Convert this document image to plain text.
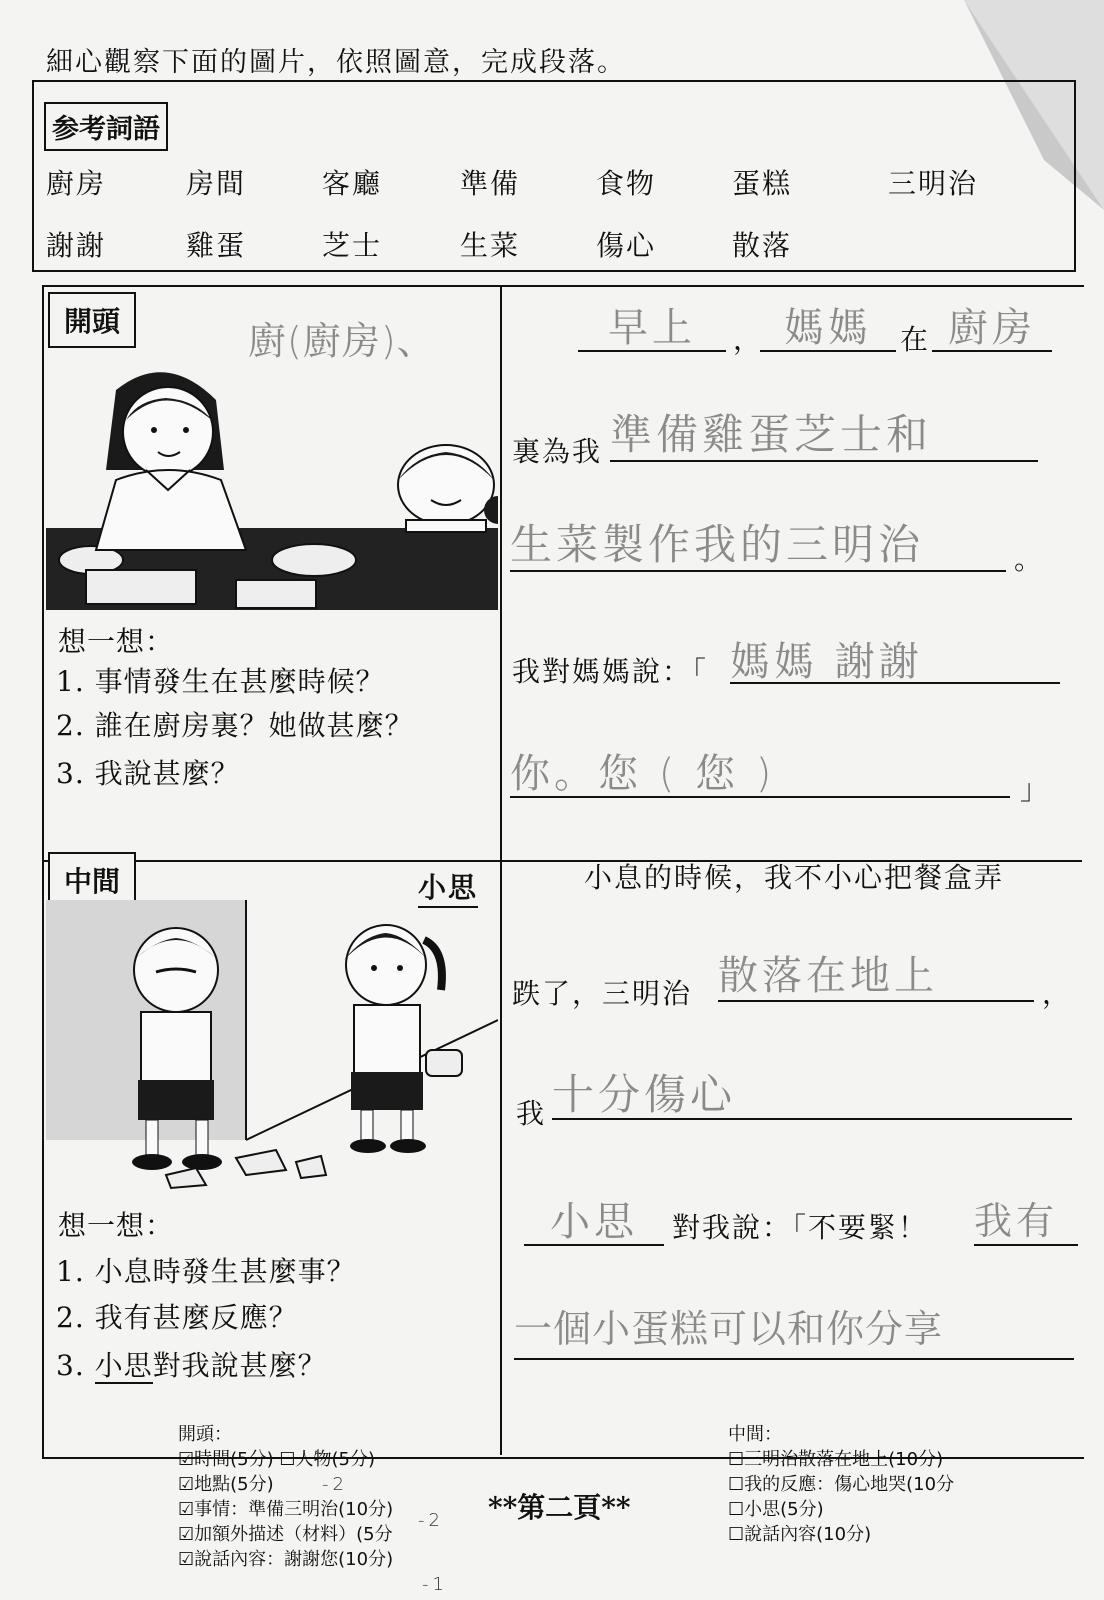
細心觀察下面的圖片，依照圖意，完成段落。
参考詞語
廚房	房間	客廳	準備	食物	蛋糕	三明治
謝謝	雞蛋	芝士	生菜	傷心	散落
開頭	廚(廚房)、
想一想：
1. 事情發生在甚麼時候？
2. 誰在廚房裏？她做甚麼？
3. 我說甚麼？
早上	， 媽媽	在 廚房
裏為我 準備雞蛋芝士和
生菜製作我的三明治	。
我對媽媽說：「 媽媽 謝謝
你。您 ( 您 )	」
中間	小思
想一想：
1. 小息時發生甚麼事？
2. 我有甚麼反應？
3. 小思對我說甚麼？
小息的時候，我不小心把餐盒弄
跌了，三明治 散落在地上	，
我 十分傷心
小思	對我說：「不要緊！ 我有
一個小蛋糕可以和你分享
開頭：
☑時間(5分) ☐人物(5分)
☑地點(5分)
☑事情：準備三明治(10分)
☑加額外描述（材料）(5分
☑說話內容：謝謝您(10分)
-2
-2
-1
**第二頁**
中間：
☐三明治散落在地上(10分)
☐我的反應：傷心地哭(10分
☐小思(5分)
☐說話內容(10分)
